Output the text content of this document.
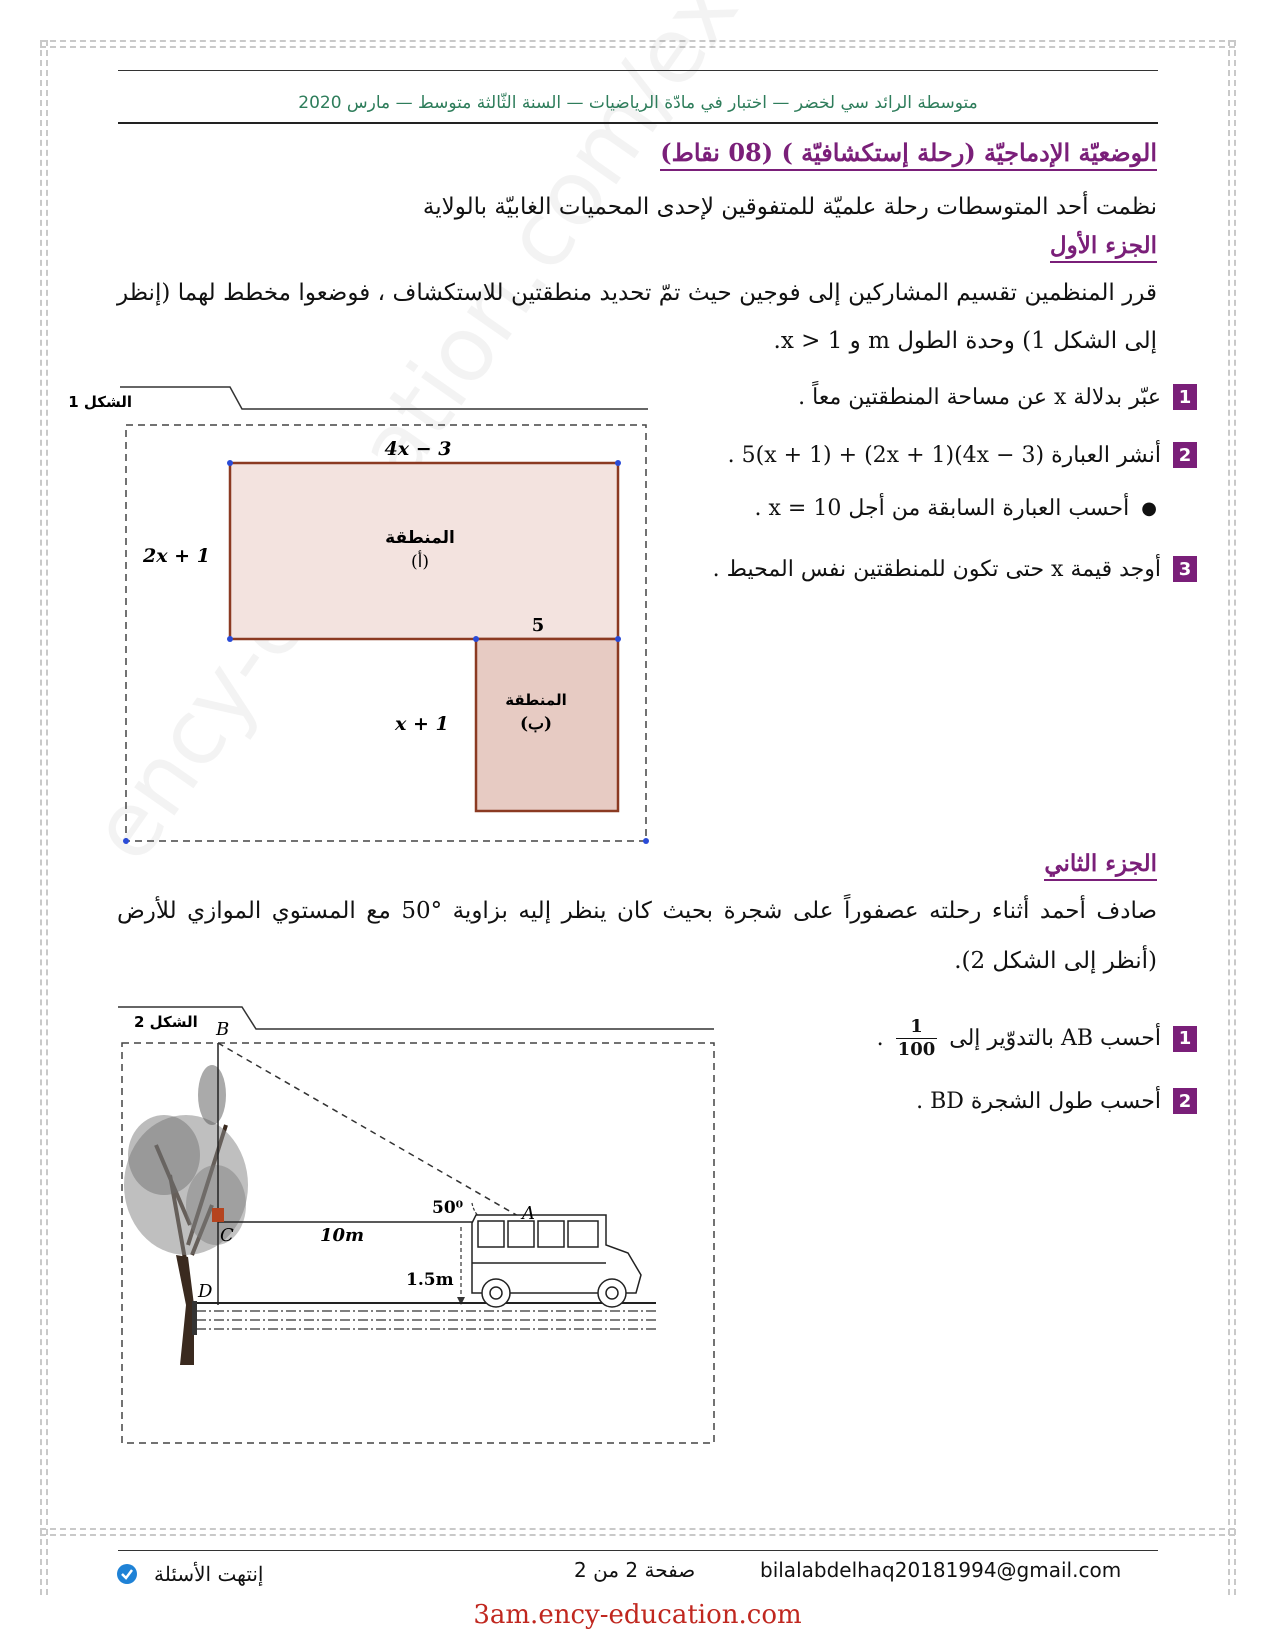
متوسطة الرائد سي لخضر — اختبار في مادّة الرياضيات — السنة الثّالثة متوسط — مارس 2020
الوضعيّة الإدماجيّة (رحلة إستكشافيّة ) (08 نقاط)
نظمت أحد المتوسطات رحلة علميّة للمتفوقين لإحدى المحميات الغابيّة بالولاية
الجزء الأول
قرر المنظمين تقسيم المشاركين إلى فوجين حيث تمّ تحديد منطقتين للاستكشاف ، فوضعوا مخطط لهما (إنظر
إلى الشكل 1) وحدة الطول m و 1 < x.
1
عبّر بدلالة x عن مساحة المنطقتين معاً .
2
أنشر العبارة (4x − 3)(2x + 1) + 5(x + 1) .
●
أحسب العبارة السابقة من أجل x = 10 .
3
أوجد قيمة x حتى تكون للمنطقتين نفس المحيط .
الشكل 1
4x − 3
2x + 1
x + 1
5
المنطقة
(أ)
المنطقة
(ب)
الجزء الثاني
صادف أحمد أثناء رحلته عصفوراً على شجرة بحيث كان ينظر إليه بزاوية °50 مع المستوي الموازي للأرض
(أنظر إلى الشكل 2).
1
أحسب AB بالتدوّير إلى
$\frac{1}{100}$
.
2
أحسب طول الشجرة BD .
الشكل 2 B
C
D
A
10m
1.5m
50⁰
bilalabdelhaq20181994@gmail.com
صفحة 2 من 2
إنتهت الأسئلة
3am.ency-education.com
